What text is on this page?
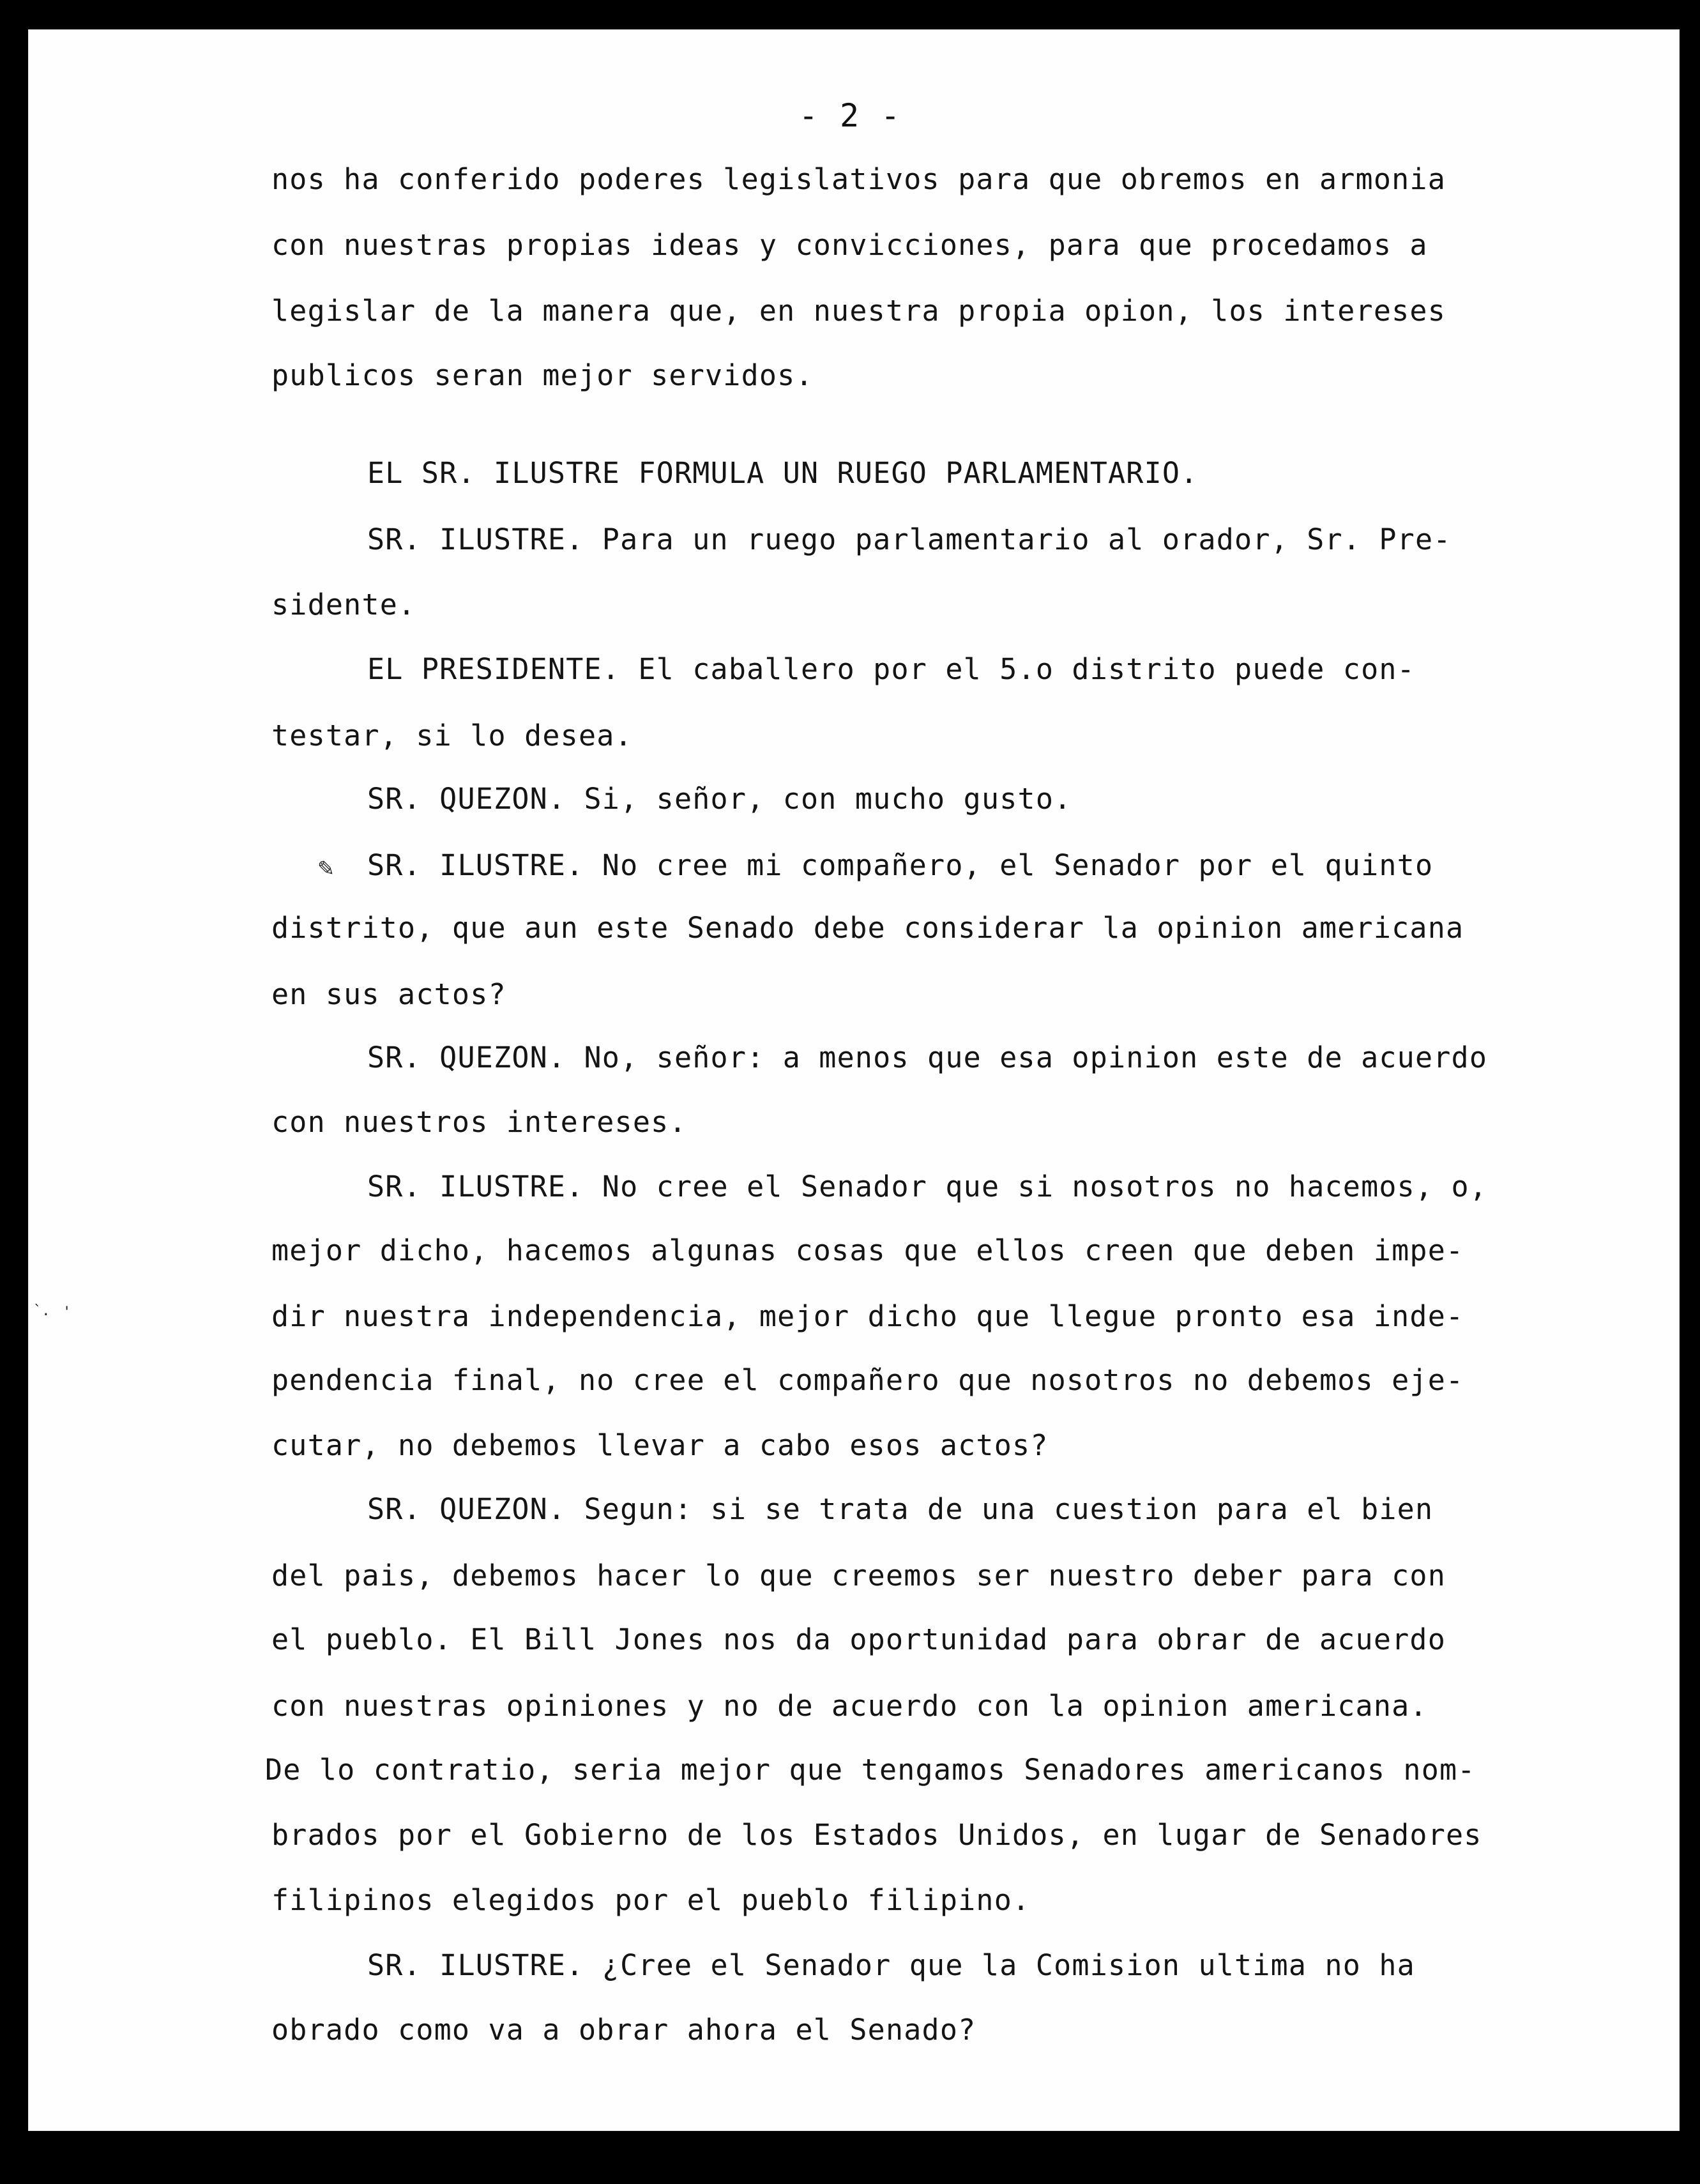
`. '
✎
- 2 -
nos ha conferido poderes legislativos para que obremos en armonia
con nuestras propias ideas y convicciones, para que procedamos a
legislar de la manera que, en nuestra propia opion, los intereses
publicos seran mejor servidos.
EL SR. ILUSTRE FORMULA UN RUEGO PARLAMENTARIO.
SR. ILUSTRE. Para un ruego parlamentario al orador, Sr. Pre-
sidente.
EL PRESIDENTE. El caballero por el 5.o distrito puede con-
testar, si lo desea.
SR. QUEZON. Si, señor, con mucho gusto.
SR. ILUSTRE. No cree mi compañero, el Senador por el quinto
distrito, que aun este Senado debe considerar la opinion americana
en sus actos?
SR. QUEZON. No, señor: a menos que esa opinion este de acuerdo
con nuestros intereses.
SR. ILUSTRE. No cree el Senador que si nosotros no hacemos, o,
mejor dicho, hacemos algunas cosas que ellos creen que deben impe-
dir nuestra independencia, mejor dicho que llegue pronto esa inde-
pendencia final, no cree el compañero que nosotros no debemos eje-
cutar, no debemos llevar a cabo esos actos?
SR. QUEZON. Segun: si se trata de una cuestion para el bien
del pais, debemos hacer lo que creemos ser nuestro deber para con
el pueblo. El Bill Jones nos da oportunidad para obrar de acuerdo
con nuestras opiniones y no de acuerdo con la opinion americana.
De lo contratio, seria mejor que tengamos Senadores americanos nom-
brados por el Gobierno de los Estados Unidos, en lugar de Senadores
filipinos elegidos por el pueblo filipino.
SR. ILUSTRE. ¿Cree el Senador que la Comision ultima no ha
obrado como va a obrar ahora el Senado?
